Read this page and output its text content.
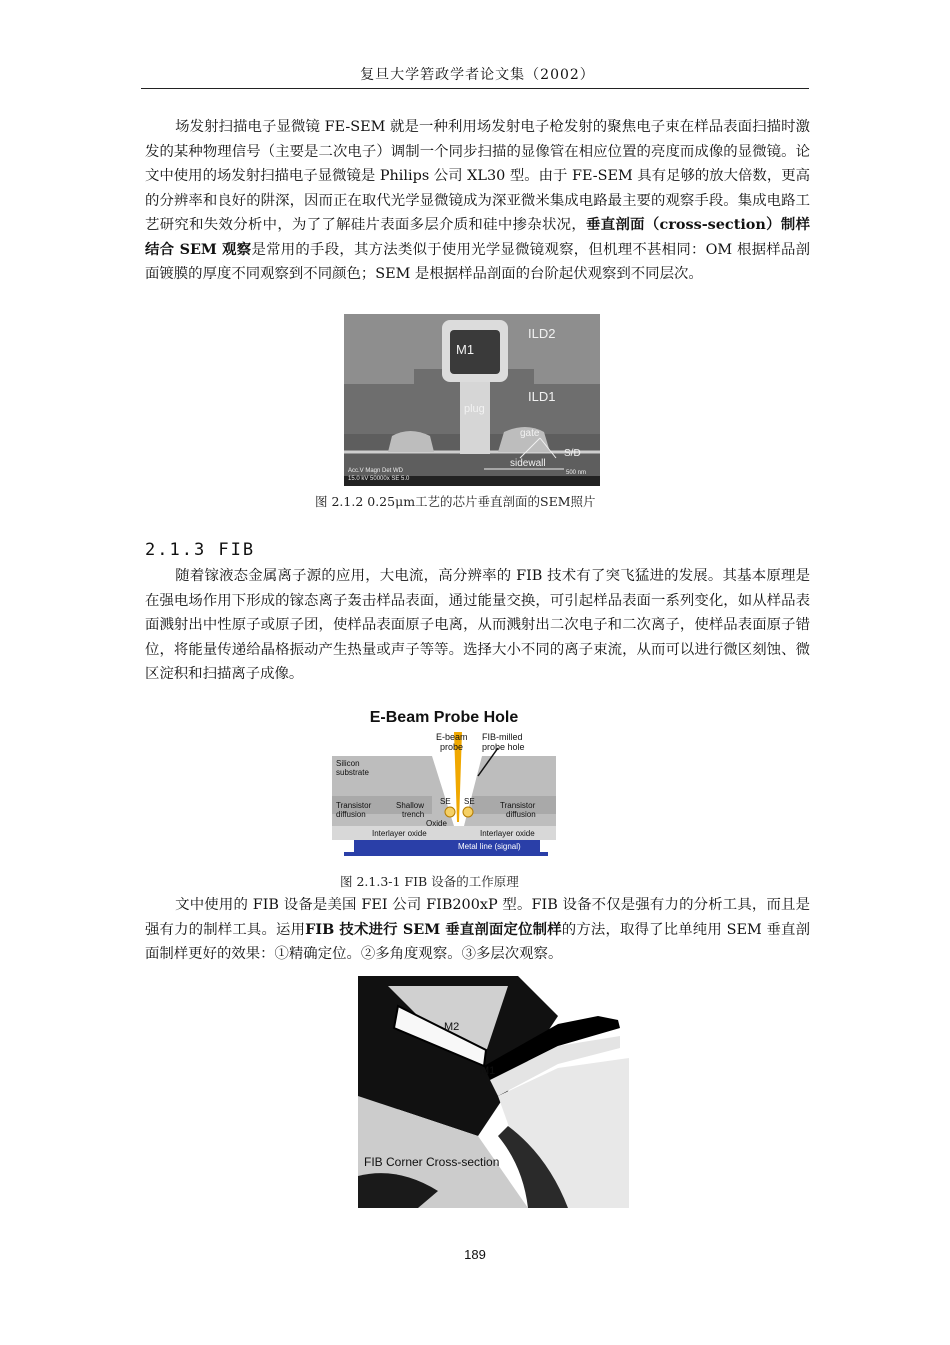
复旦大学箬政学者论文集（2002）

场发射扫描电子显微镜 FE-SEM 就是一种利用场发射电子枪发射的聚焦电子束在样品表面扫描时激发的某种物理信号（主要是二次电子）调制一个同步扫描的显像管在相应位置的亮度而成像的显微镜。论文中使用的场发射扫描电子显微镜是 Philips 公司 XL30 型。由于 FE-SEM 具有足够的放大倍数，更高的分辨率和良好的阱深，因而正在取代光学显微镜成为深亚微米集成电路最主要的观察手段。集成电路工艺研究和失效分析中，为了了解硅片表面多层介质和硅中掺杂状况，垂直剖面（cross-section）制样结合 SEM 观察是常用的手段，其方法类似于使用光学显微镜观察，但机理不甚相同：OM 根据样品剖面镀膜的厚度不同观察到不同颜色；SEM 是根据样品剖面的台阶起伏观察到不同层次。

M1
ILD2
ILD1
plug
gate
S/D
sidewall
Acc.V Magn Det WD
15.0 kV 50000x SE 5.0
500 nm
图 2.1.2 0.25μm工艺的芯片垂直剖面的SEM照片
2.1.3 FIB

随着镓液态金属离子源的应用，大电流，高分辨率的 FIB 技术有了突飞猛进的发展。其基本原理是在强电场作用下形成的镓态离子轰击样品表面，通过能量交换，可引起样品表面一系列变化，如从样品表面溅射出中性原子或原子团，使样品表面原子电离，从而溅射出二次电子和二次离子，使样品表面原子错位，将能量传递给晶格振动产生热量或声子等等。选择大小不同的离子束流，从而可以进行微区刻蚀、微区淀积和扫描离子成像。

E-Beam Probe Hole
E-beam
probe
FIB-milled
probe hole
Silicon
substrate
Transistor
diffusion
Shallow
trench
SE SE	Transistor
diffusion
Oxide
Interlayer oxide	Interlayer oxide
Metal line (signal)
图 2.1.3-1 FIB 设备的工作原理

文中使用的 FIB 设备是美国 FEI 公司 FIB200xP 型。FIB 设备不仅是强有力的分析工具，而且是强有力的制样工具。运用FIB 技术进行 SEM 垂直剖面定位制样的方法，取得了比单纯用 SEM 垂直剖面制样更好的效果：①精确定位。②多角度观察。③多层次观察。

M2
M1
FIB Corner Cross-section
189
